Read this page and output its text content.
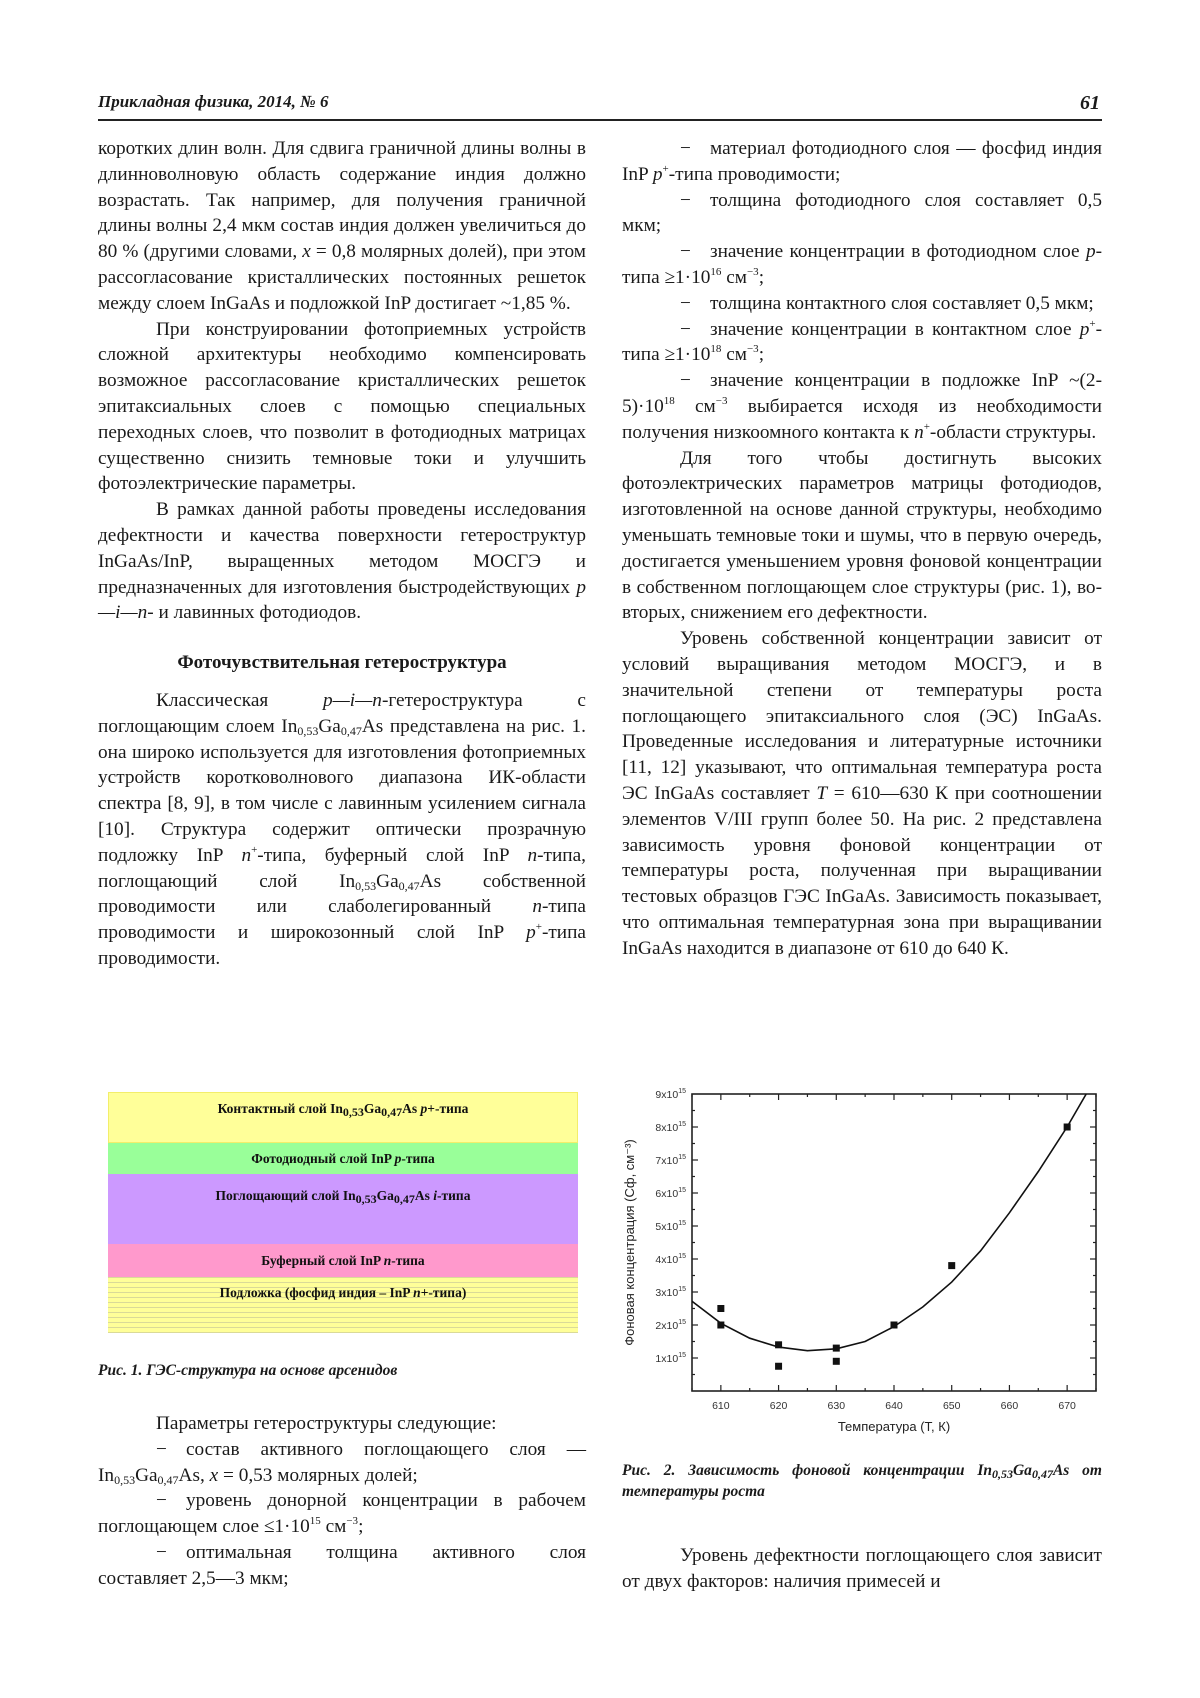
Прикладная физика, 2014, № 6	61

коротких длин волн. Для сдвига граничной длины волны в длинноволновую область содержание индия должно возрастать. Так например, для получения граничной длины волны 2,4 мкм состав индия должен увеличиться до 80 % (другими словами, x = 0,8 молярных долей), при этом рассогласование кристаллических постоянных решеток между слоем InGaAs и подложкой InP достигает ~1,85 %.

При конструировании фотоприемных устройств сложной архитектуры необходимо компенсировать возможное рассогласование кристаллических решеток эпитаксиальных слоев с помощью специальных переходных слоев, что позволит в фотодиодных матрицах существенно снизить темновые токи и улучшить фотоэлектрические параметры.

В рамках данной работы проведены исследования дефектности и качества поверхности гетероструктур InGaAs/InP, выращенных методом МОСГЭ и предназначенных для изготовления быстродействующих p—i—n- и лавинных фотодиодов.

Фоточувствительная гетероструктура

Классическая p—i—n-гетероструктура с поглощающим слоем $In_{0,53}Ga_{0,47}As$ представлена на рис. 1. она широко используется для изготовления фотоприемных устройств коротковолнового диапазона ИК-области спектра [8, 9], в том числе с лавинным усилением сигнала [10]. Структура содержит оптически прозрачную подложку InP n+-типа, буферный слой InP n-типа, поглощающий слой $In_{0,53}Ga_{0,47}As$ собственной проводимости или слаболегированный n-типа проводимости и широкозонный слой InP p+-типа проводимости.

Контактный слой $In_{0,53}Ga_{0,47}As$ p+-типа
Фотодиодный слой InP p-типа
Поглощающий слой $In_{0,53}Ga_{0,47}As$ i-типа
Буферный слой InP n-типа
Подложка (фосфид индия – InP n+-типа)
Рис. 1. ГЭС-структура на основе арсенидов

Параметры гетероструктуры следующие:

− состав активного поглощающего слоя — $In_{0,53}Ga_{0,47}As$, x = 0,53 молярных долей;

− уровень донорной концентрации в рабочем поглощающем слое $\le 1\cdot 10^{15}$ $см^{-3}$;

− оптимальная толщина активного слоя составляет 2,5—3 мкм;

− материал фотодиодного слоя — фосфид индия InP p+-типа проводимости;

− толщина фотодиодного слоя составляет 0,5 мкм;

− значение концентрации в фотодиодном слое p-типа $\ge 1\cdot 10^{16}$ $см^{-3}$;

− толщина контактного слоя составляет 0,5 мкм;

− значение концентрации в контактном слое p+-типа $\ge 1\cdot 10^{18}$ $см^{-3}$;

− значение концентрации в подложке InP $\sim(2-5)\cdot 10^{18}$ $см^{-3}$ выбирается исходя из необходимости получения низкоомного контакта к n+-области структуры.

Для того чтобы достигнуть высоких фотоэлектрических параметров матрицы фотодиодов, изготовленной на основе данной структуры, необходимо уменьшать темновые токи и шумы, что в первую очередь, достигается уменьшением уровня фоновой концентрации в собственном поглощающем слое структуры (рис. 1), во-вторых, снижением его дефектности.

Уровень собственной концентрации зависит от условий выращивания методом МОСГЭ, и в значительной степени от температуры роста поглощающего эпитаксиального слоя (ЭС) InGaAs. Проведенные исследования и литературные источники [11, 12] указывают, что оптимальная температура роста ЭС InGaAs составляет T = 610—630 К при соотношении элементов V/III групп более 50. На рис. 2 представлена зависимость уровня фоновой концентрации от температуры роста, полученная при выращивании тестовых образцов ГЭС InGaAs. Зависимость показывает, что оптимальная температурная зона при выращивании InGaAs находится в диапазоне от 610 до 640 К.

610	620	630	640	650	660	670
$1x10^{15}$
$2x10^{15}$
$3x10^{15}$
$4x10^{15}$
$5x10^{15}$
$6x10^{15}$
$7x10^{15}$
$8x10^{15}$
$9x10^{15}$
Температура (T, К)
Фоновая концентрация (Cф, см⁻³)
Рис. 2. Зависимость фоновой концентрации $In_{0,53}Ga_{0,47}As$ от температуры роста

Уровень дефектности поглощающего слоя зависит от двух факторов: наличия примесей и
